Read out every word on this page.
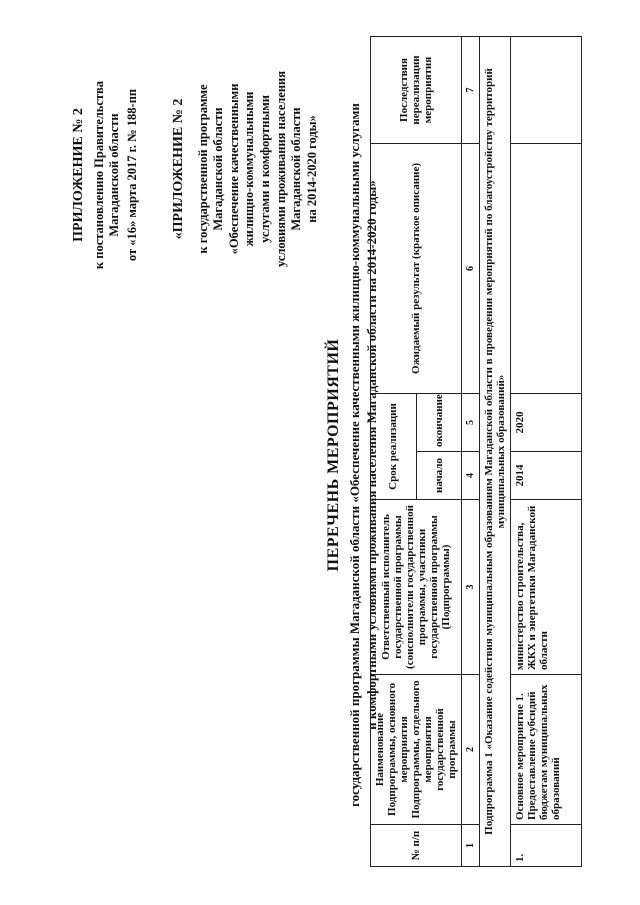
ПРИЛОЖЕНИЕ № 2 к постановлению Правительства Магаданской области от «16» марта 2017 г. № 188-пп «ПРИЛОЖЕНИЕ № 2 к государственной программе Магаданской области «Обеспечение качественными жилищно-коммунальными услугами и комфортными условиями проживания населения Магаданской области на 2014-2020 годы»
ПЕРЕЧЕНЬ МЕРОПРИЯТИЙ государственной программы Магаданской области «Обеспечение качественными жилищно-коммунальными услугами и комфортными условиями проживания населения Магаданской области на 2014-2020 годы»
№ п/п	Наименование Подпрограммы, основного мероприятия Подпрограммы, отдельного мероприятия государственной программы	Ответственный исполнитель государственной программы (соисполнители государственной программы, участники государственной программы (Подпрограммы)	Срок реализации		Ожидаемый результат (краткое описание)	Последствия нереализации мероприятия
			начало	окончание		
1	2	3	4	5	6	7
Подпрограмма 1 «Оказание содействия муниципальным образованиям Магаданской области в проведении мероприятий по благоустройству территорий муниципальных образований»						
1.	Основное мероприятие 1. Предоставление субсидий бюджетам муниципальных образований	министерство строительства, ЖКХ и энергетики Магаданской области	2014	2020		
